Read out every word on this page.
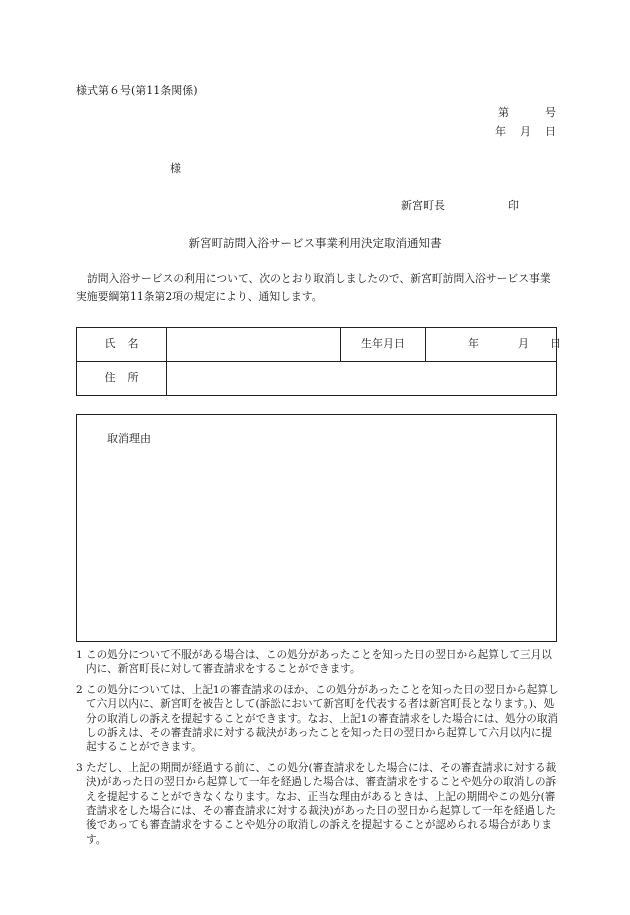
様式第６号(第11条関係)
第	号
年 月 日
様
新宮町長	印
新宮町訪問入浴サービス事業利用決定取消通知書
訪問入浴サービスの利用について、次のとおり取消しましたので、新宮町訪問入浴サービス事業実施要綱第11条第2項の規定により、通知します。
氏名		生年月日	年 月 日

住所			
取消理由
1 この処分について不服がある場合は、この処分があったことを知った日の翌日から起算して三月以内に、新宮町長に対して審査請求をすることができます。
2 この処分については、上記1の審査請求のほか、この処分があったことを知った日の翌日から起算して六月以内に、新宮町を被告として(訴訟において新宮町を代表する者は新宮町長となります。)、処分の取消しの訴えを提起することができます。なお、上記1の審査請求をした場合には、処分の取消しの訴えは、その審査請求に対する裁決があったことを知った日の翌日から起算して六月以内に提起することができます。
3 ただし、上記の期間が経過する前に、この処分(審査請求をした場合には、その審査請求に対する裁決)があった日の翌日から起算して一年を経過した場合は、審査請求をすることや処分の取消しの訴えを提起することができなくなります。なお、正当な理由があるときは、上記の期間やこの処分(審査請求をした場合には、その審査請求に対する裁決)があった日の翌日から起算して一年を経過した後であっても審査請求をすることや処分の取消しの訴えを提起することが認められる場合があります。
